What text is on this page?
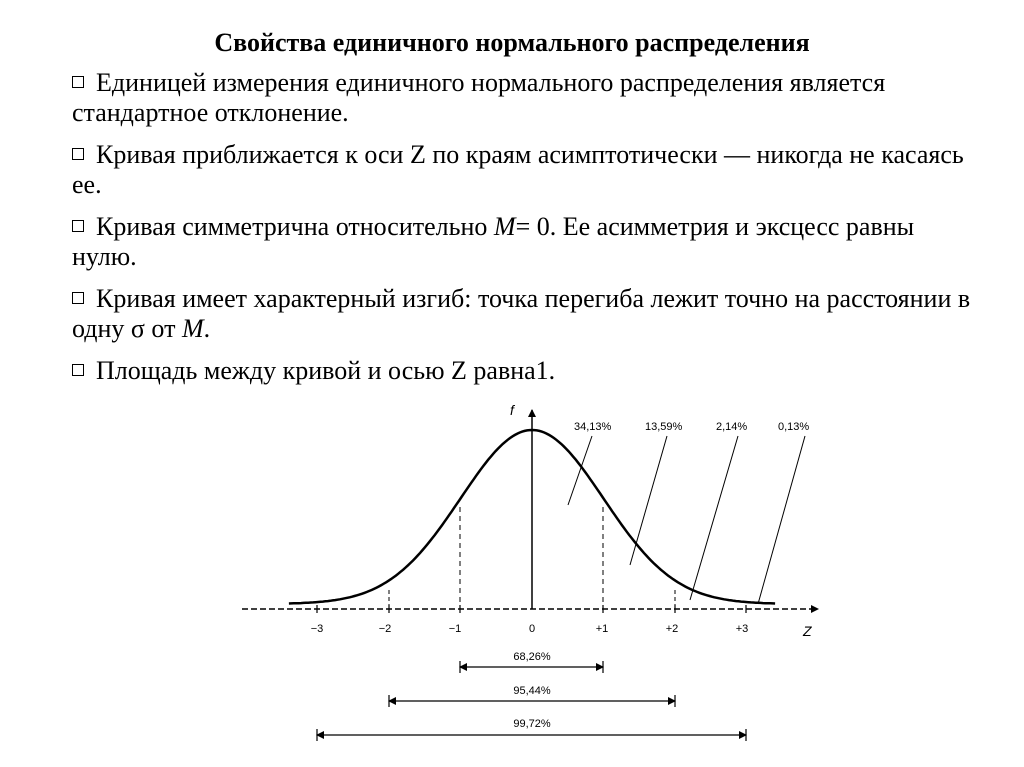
Свойства единичного нормального распределения
Единицей измерения единичного нормального распределения является стандартное отклонение.
Кривая приближается к оси Z по краям асимптотически — никогда не касаясь ее.
Кривая симметрична относительно M= 0. Ее асимметрия и эксцесс равны нулю.
Кривая имеет характерный изгиб: точка перегиба лежит точно на расстоянии в одну σ от M.
Площадь между кривой и осью Z равна1.
f
Z
−3	−2	−1	0	+1	+2	+3
34,13%	13,59%	2,14%	0,13%
68,26%
95,44%
99,72%
